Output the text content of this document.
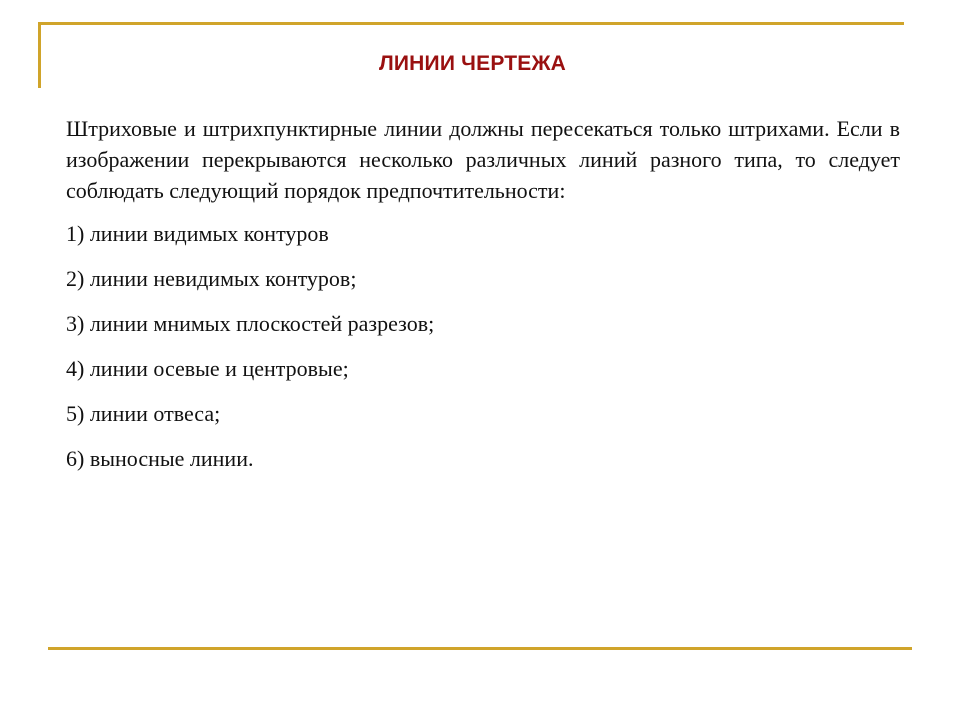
ЛИНИИ ЧЕРТЕЖА

Штриховые и штрихпунктирные линии должны пересекаться только штрихами. Если в изображении перекрываются несколько различных линий разного типа, то следует соблюдать следующий порядок предпочтительности:

1) линии видимых контуров
2) линии невидимых контуров;
3) линии мнимых плоскостей разрезов;
4) линии осевые и центровые;
5) линии отвеса;
6) выносные линии.
